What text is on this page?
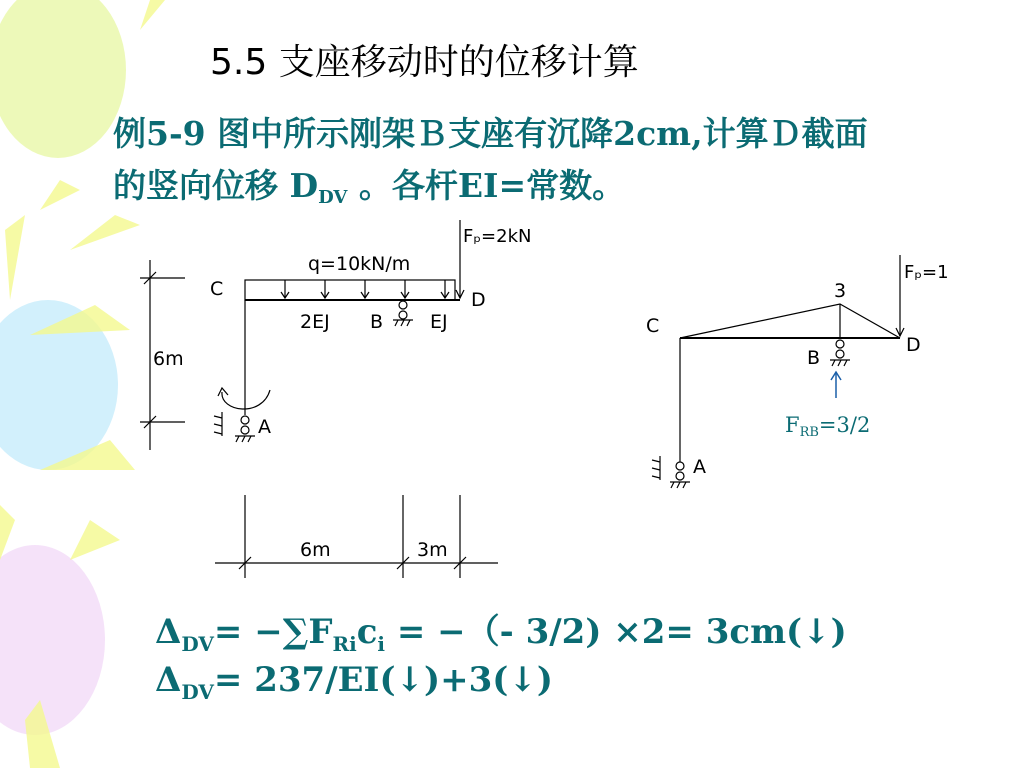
5.5 支座移动时的位移计算
例5-9 图中所示刚架Ｂ支座有沉降2cm,计算Ｄ截面
的竖向位移 $D_{DV}$ 。各杆EI=常数。
q=10kN/m
Fₚ=2kN
C	D
2EJ B EJ
A
6m
6m	3m
Fₚ=1
3
C
D
B
A
FRB=3/2
$\Delta_{DV}= -\sum F_{Ri}c_i$ = −（- 3/2) ×2= 3cm(↓)
$\Delta_{DV}=$ 237/EI(↓)+3(↓)
